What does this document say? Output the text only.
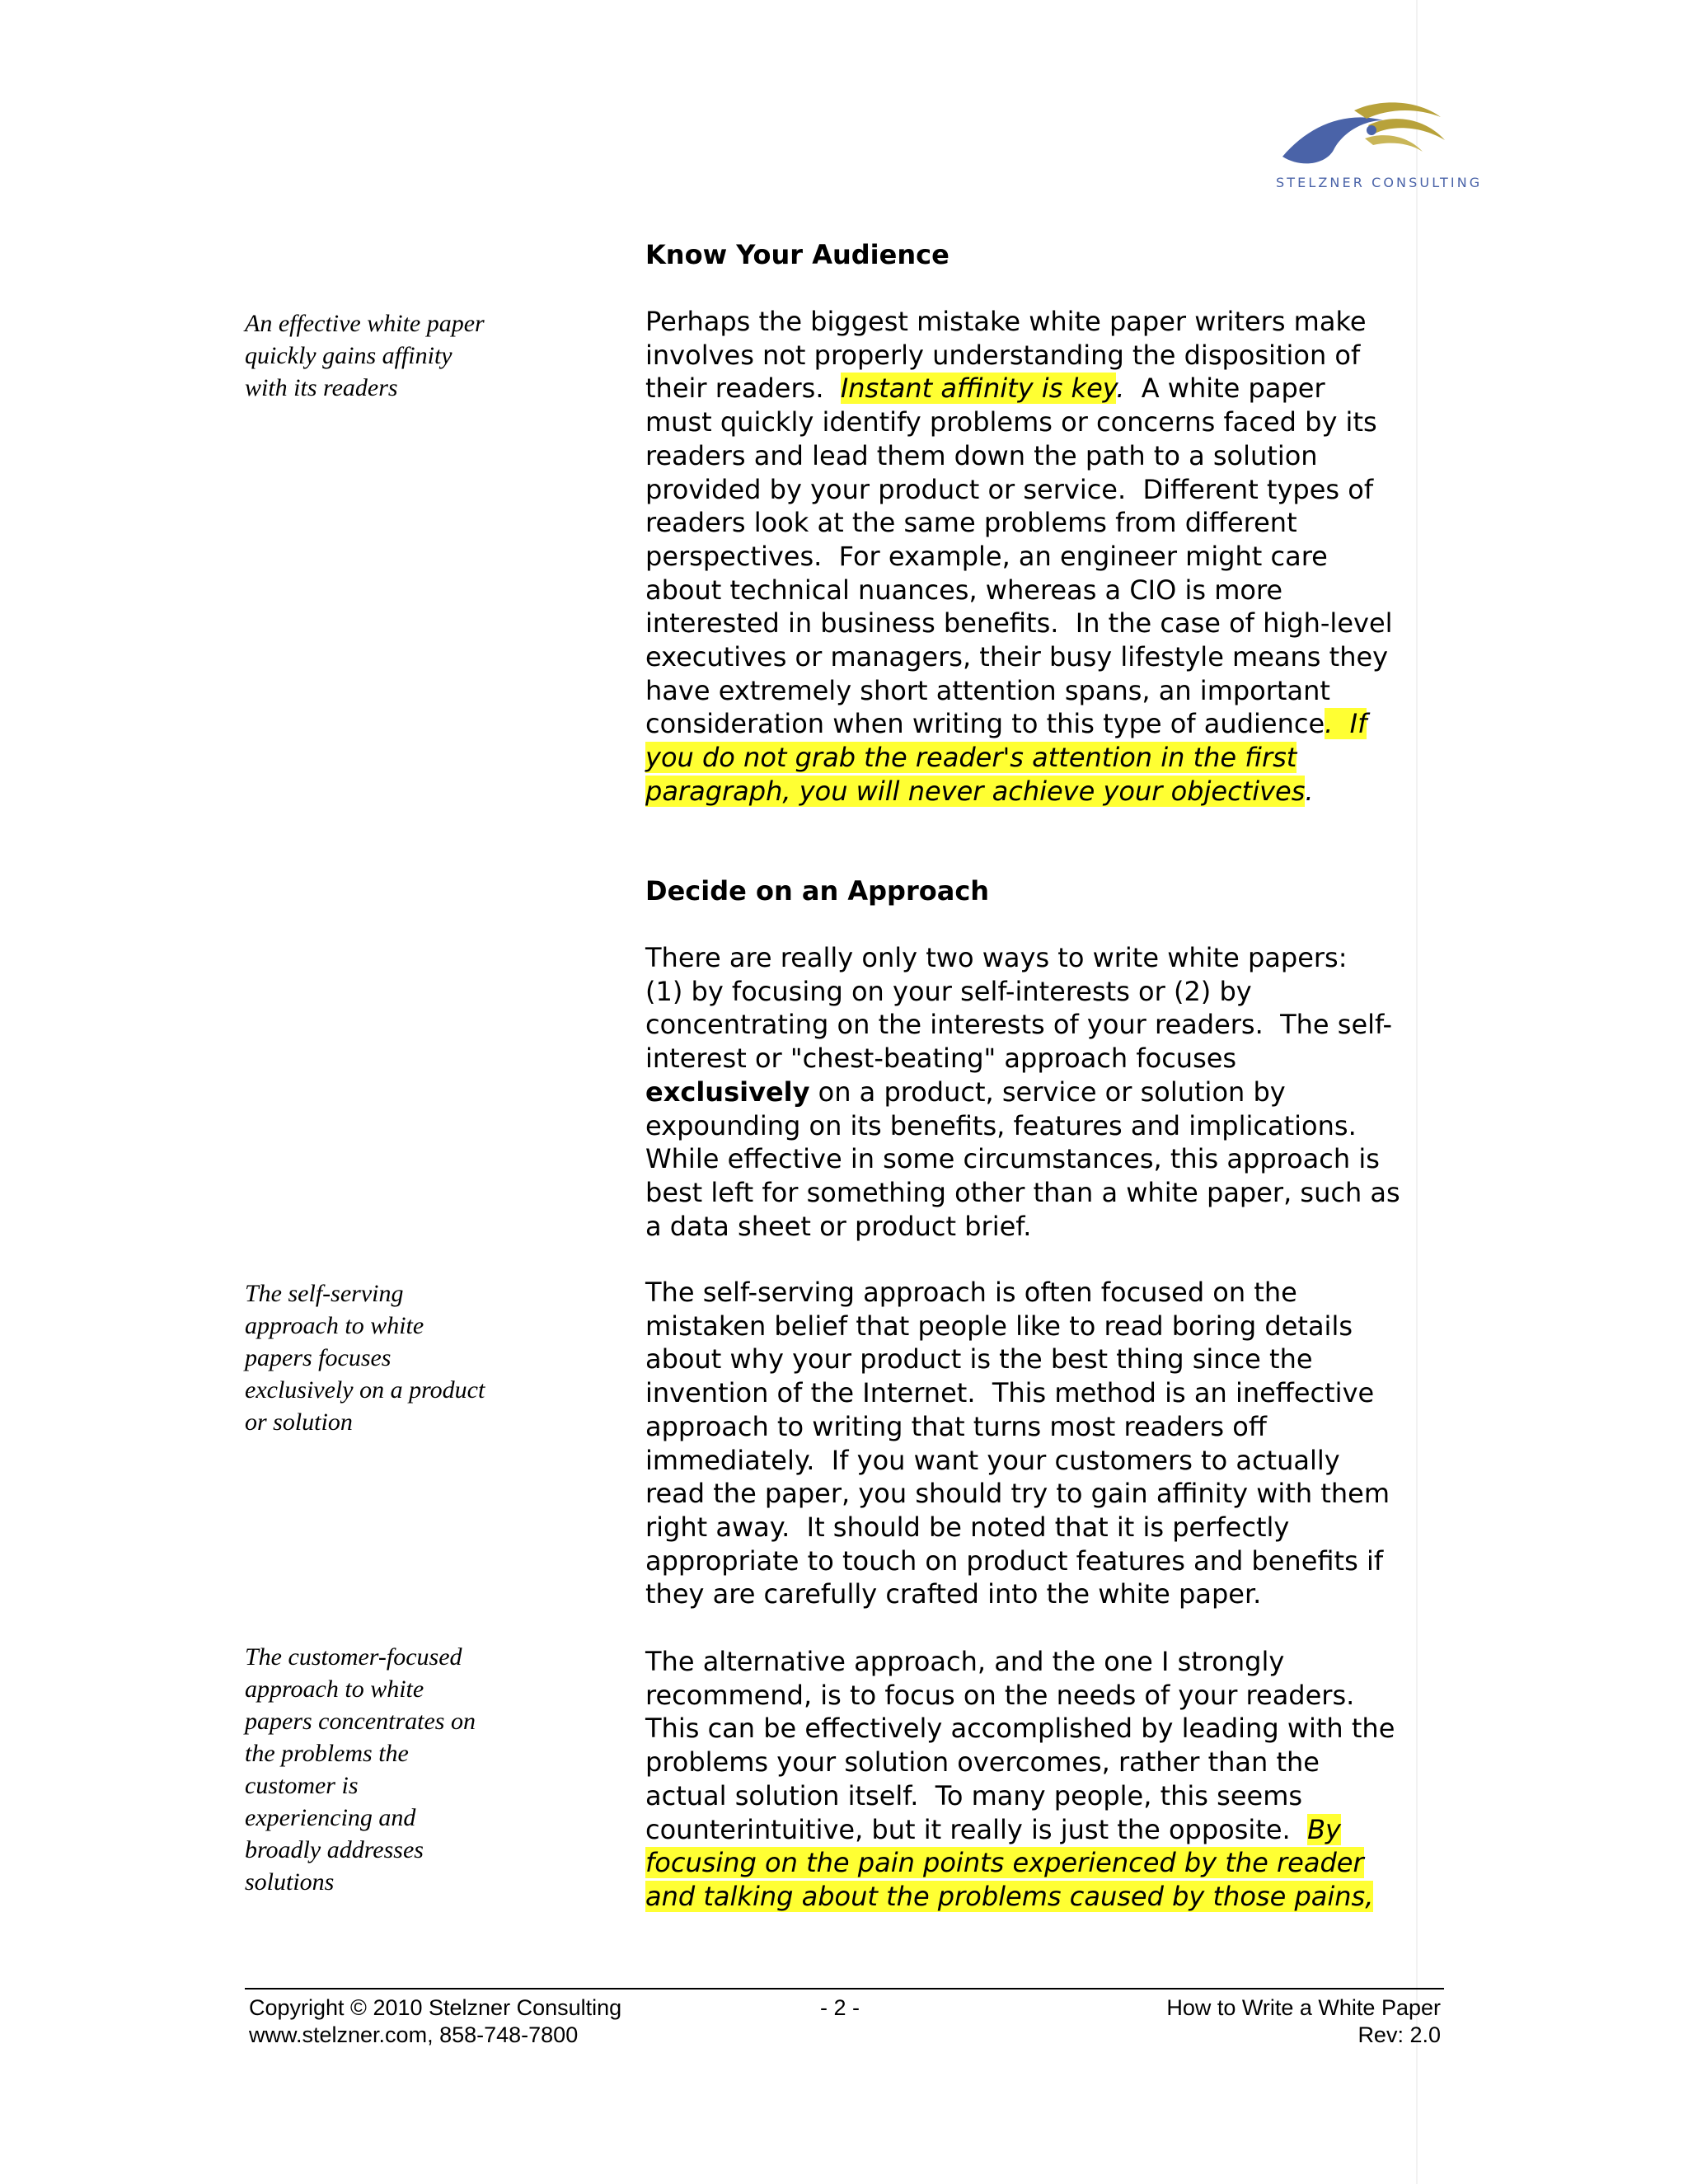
STELZNER CONSULTING
An effective white paper
quickly gains affinity
with its readers
The self-serving
approach to white
papers focuses
exclusively on a product
or solution
The customer-focused
approach to white
papers concentrates on
the problems the
customer is
experiencing and
broadly addresses
solutions
Know Your Audience
Perhaps the biggest mistake white paper writers make
involves not properly understanding the disposition of
their readers.  Instant affinity is key.  A white paper
must quickly identify problems or concerns faced by its
readers and lead them down the path to a solution
provided by your product or service.  Different types of
readers look at the same problems from different
perspectives.  For example, an engineer might care
about technical nuances, whereas a CIO is more
interested in business benefits.  In the case of high-level
executives or managers, their busy lifestyle means they
have extremely short attention spans, an important
consideration when writing to this type of audience.  If
you do not grab the reader's attention in the first
paragraph, you will never achieve your objectives.
Decide on an Approach
There are really only two ways to write white papers:
(1) by focusing on your self-interests or (2) by
concentrating on the interests of your readers.  The self-
interest or "chest-beating" approach focuses
exclusively on a product, service or solution by
expounding on its benefits, features and implications.
While effective in some circumstances, this approach is
best left for something other than a white paper, such as
a data sheet or product brief.
The self-serving approach is often focused on the
mistaken belief that people like to read boring details
about why your product is the best thing since the
invention of the Internet.  This method is an ineffective
approach to writing that turns most readers off
immediately.  If you want your customers to actually
read the paper, you should try to gain affinity with them
right away.  It should be noted that it is perfectly
appropriate to touch on product features and benefits if
they are carefully crafted into the white paper.
The alternative approach, and the one I strongly
recommend, is to focus on the needs of your readers.
This can be effectively accomplished by leading with the
problems your solution overcomes, rather than the
actual solution itself.  To many people, this seems
counterintuitive, but it really is just the opposite.  By
focusing on the pain points experienced by the reader
and talking about the problems caused by those pains,
Copyright © 2010 Stelzner Consulting	- 2 -	How to Write a White Paper
www.stelzner.com, 858-748-7800	Rev: 2.0
